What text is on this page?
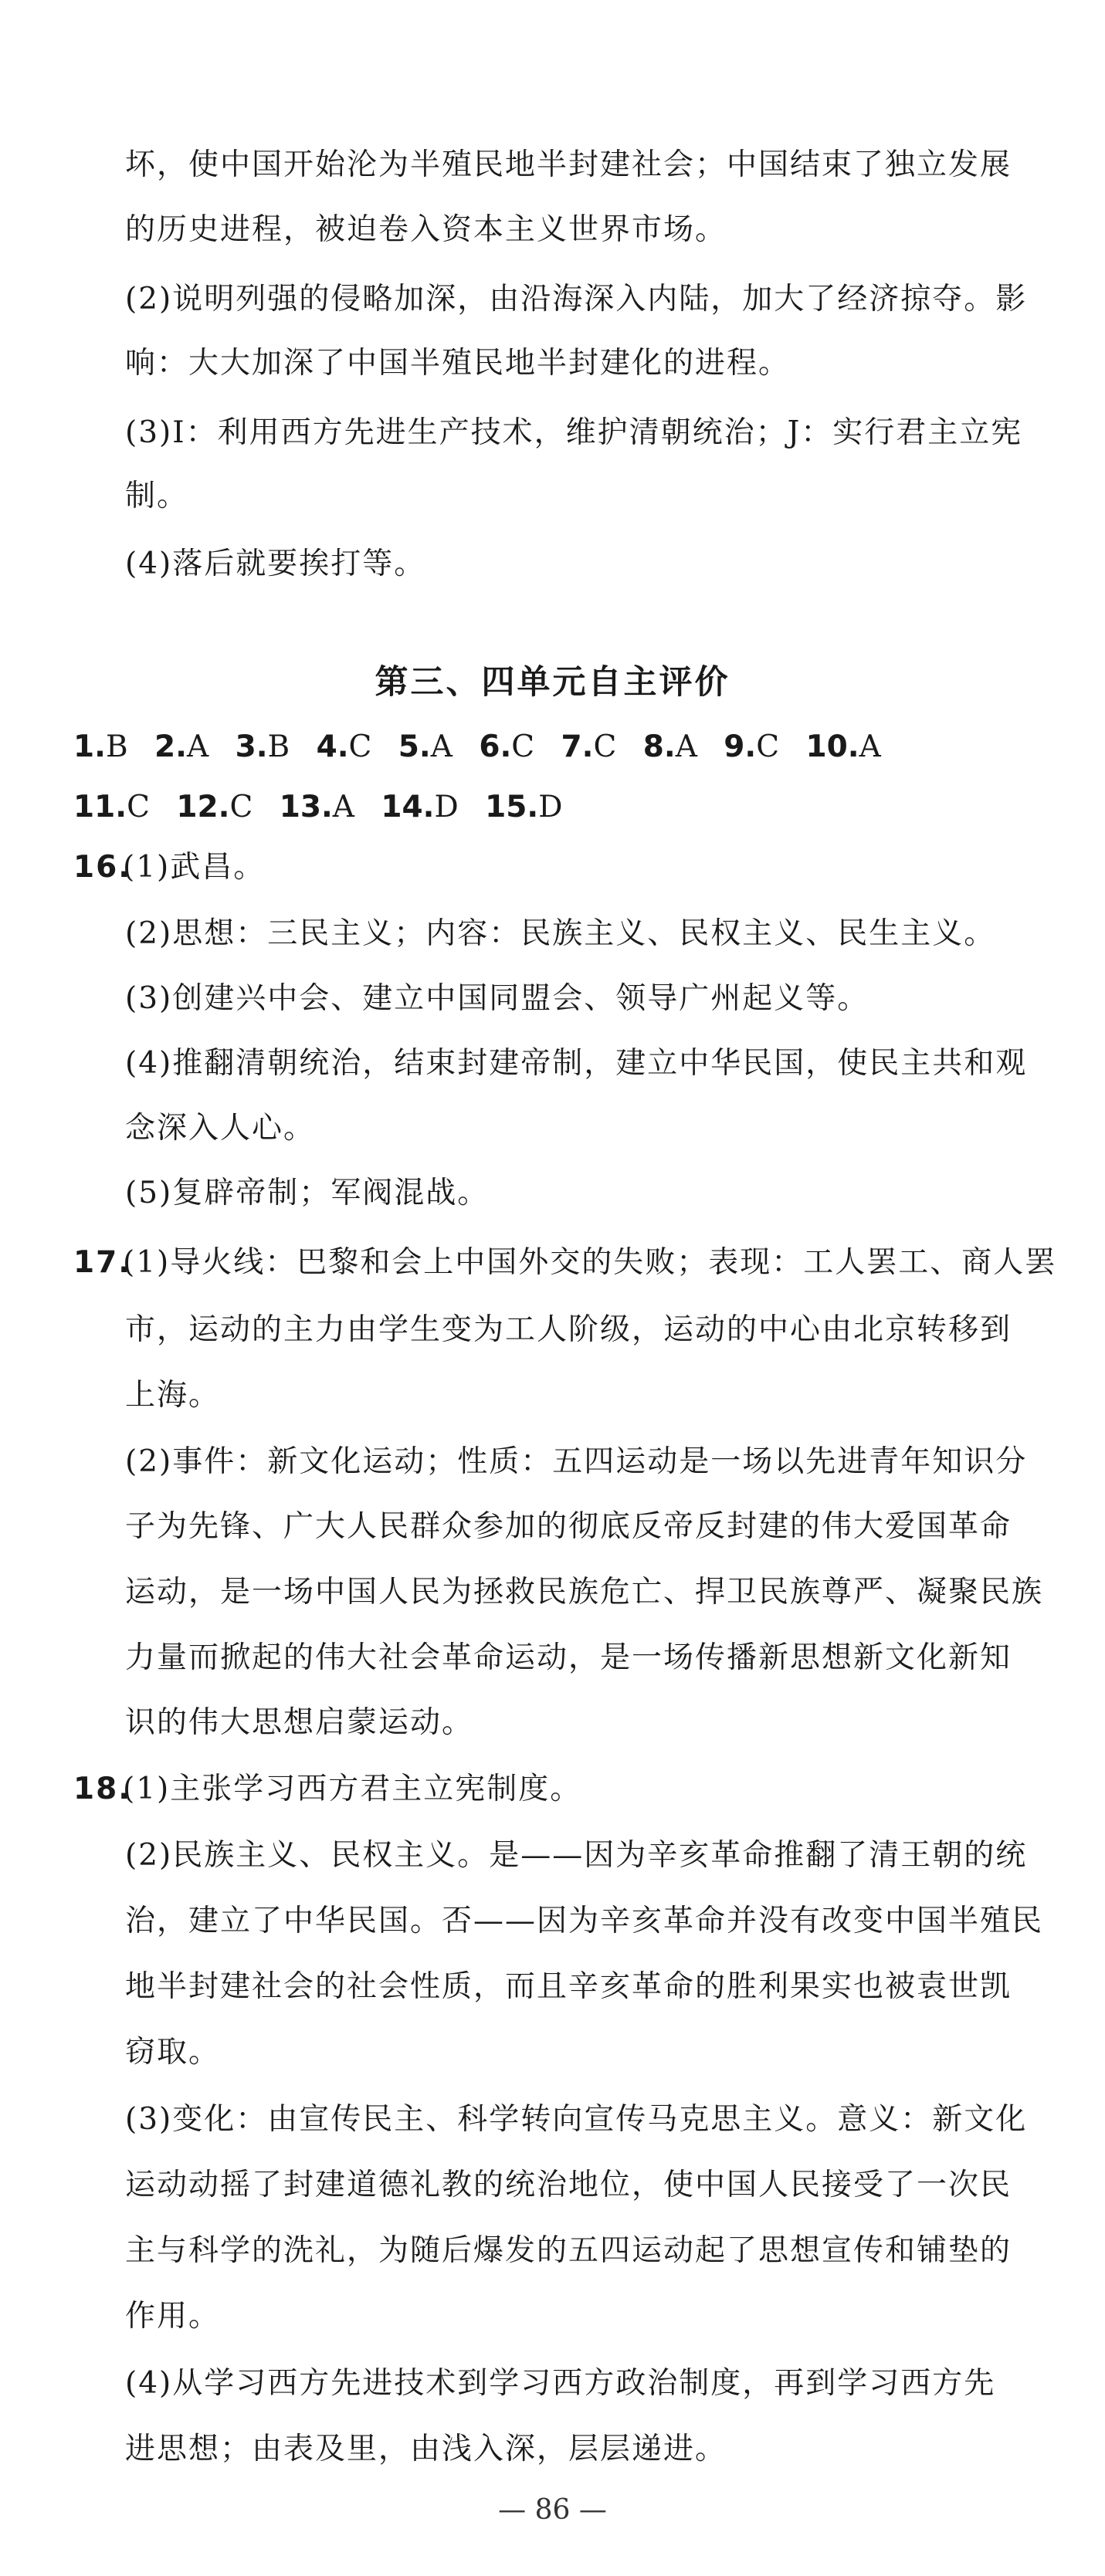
坏，使中国开始沦为半殖民地半封建社会；中国结束了独立发展
的历史进程，被迫卷入资本主义世界市场。
(2)说明列强的侵略加深，由沿海深入内陆，加大了经济掠夺。影
响：大大加深了中国半殖民地半封建化的进程。
(3)I：利用西方先进生产技术，维护清朝统治；J：实行君主立宪
制。
(4)落后就要挨打等。
第三、四单元自主评价
1.B 2.A 3.B 4.C 5.A 6.C 7.C 8.A 9.C 10.A
11.C 12.C 13.A 14.D 15.D
16.(1)武昌。
(2)思想：三民主义；内容：民族主义、民权主义、民生主义。
(3)创建兴中会、建立中国同盟会、领导广州起义等。
(4)推翻清朝统治，结束封建帝制，建立中华民国，使民主共和观
念深入人心。
(5)复辟帝制；军阀混战。
17.(1)导火线：巴黎和会上中国外交的失败；表现：工人罢工、商人罢
市，运动的主力由学生变为工人阶级，运动的中心由北京转移到
上海。
(2)事件：新文化运动；性质：五四运动是一场以先进青年知识分
子为先锋、广大人民群众参加的彻底反帝反封建的伟大爱国革命
运动，是一场中国人民为拯救民族危亡、捍卫民族尊严、凝聚民族
力量而掀起的伟大社会革命运动，是一场传播新思想新文化新知
识的伟大思想启蒙运动。
18.(1)主张学习西方君主立宪制度。
(2)民族主义、民权主义。是——因为辛亥革命推翻了清王朝的统
治，建立了中华民国。否——因为辛亥革命并没有改变中国半殖民
地半封建社会的社会性质，而且辛亥革命的胜利果实也被袁世凯
窃取。
(3)变化：由宣传民主、科学转向宣传马克思主义。意义：新文化
运动动摇了封建道德礼教的统治地位，使中国人民接受了一次民
主与科学的洗礼，为随后爆发的五四运动起了思想宣传和铺垫的
作用。
(4)从学习西方先进技术到学习西方政治制度，再到学习西方先
进思想；由表及里，由浅入深，层层递进。
— 86 —
